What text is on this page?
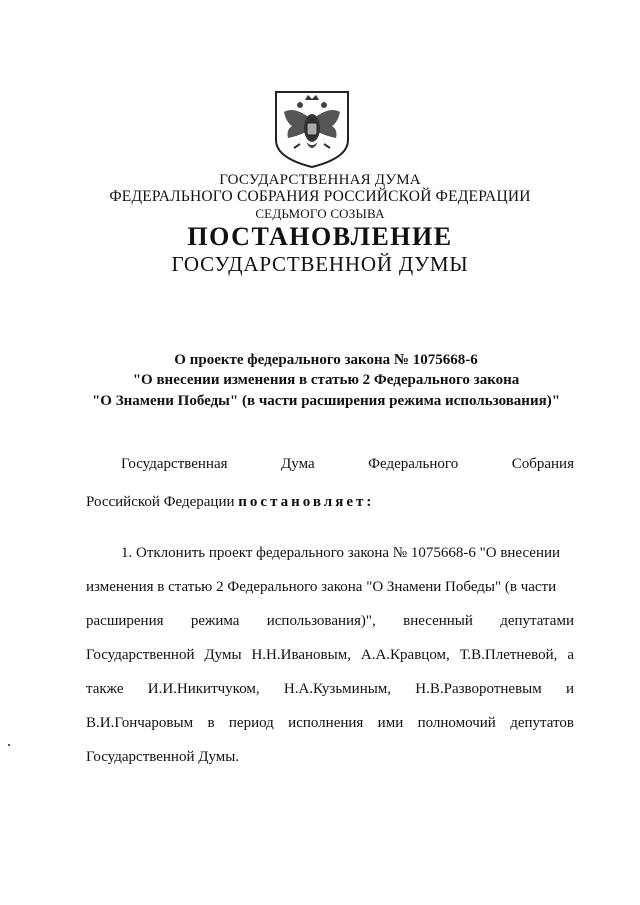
ГОСУДАРСТВЕННАЯ ДУМА
ФЕДЕРАЛЬНОГО СОБРАНИЯ РОССИЙСКОЙ ФЕДЕРАЦИИ
СЕДЬМОГО СОЗЫВА
ПОСТАНОВЛЕНИЕ
ГОСУДАРСТВЕННОЙ ДУМЫ
О проекте федерального закона № 1075668-6
"О внесении изменения в статью 2 Федерального закона
"О Знамени Победы" (в части расширения режима использования)"
Государственная	Дума	Федерального	Собрания
Российской Федерации постановляет:
1. Отклонить проект федерального закона № 1075668-6 "О внесении
изменения в статью 2 Федерального закона "О Знамени Победы" (в части
расширения режима использования)", внесенный депутатами
Государственной Думы Н.Н.Ивановым, А.А.Кравцом, Т.В.Плетневой, а
также И.И.Никитчуком, Н.А.Кузьминым, Н.В.Разворотневым и
В.И.Гончаровым в период исполнения ими полномочий депутатов
Государственной Думы.
